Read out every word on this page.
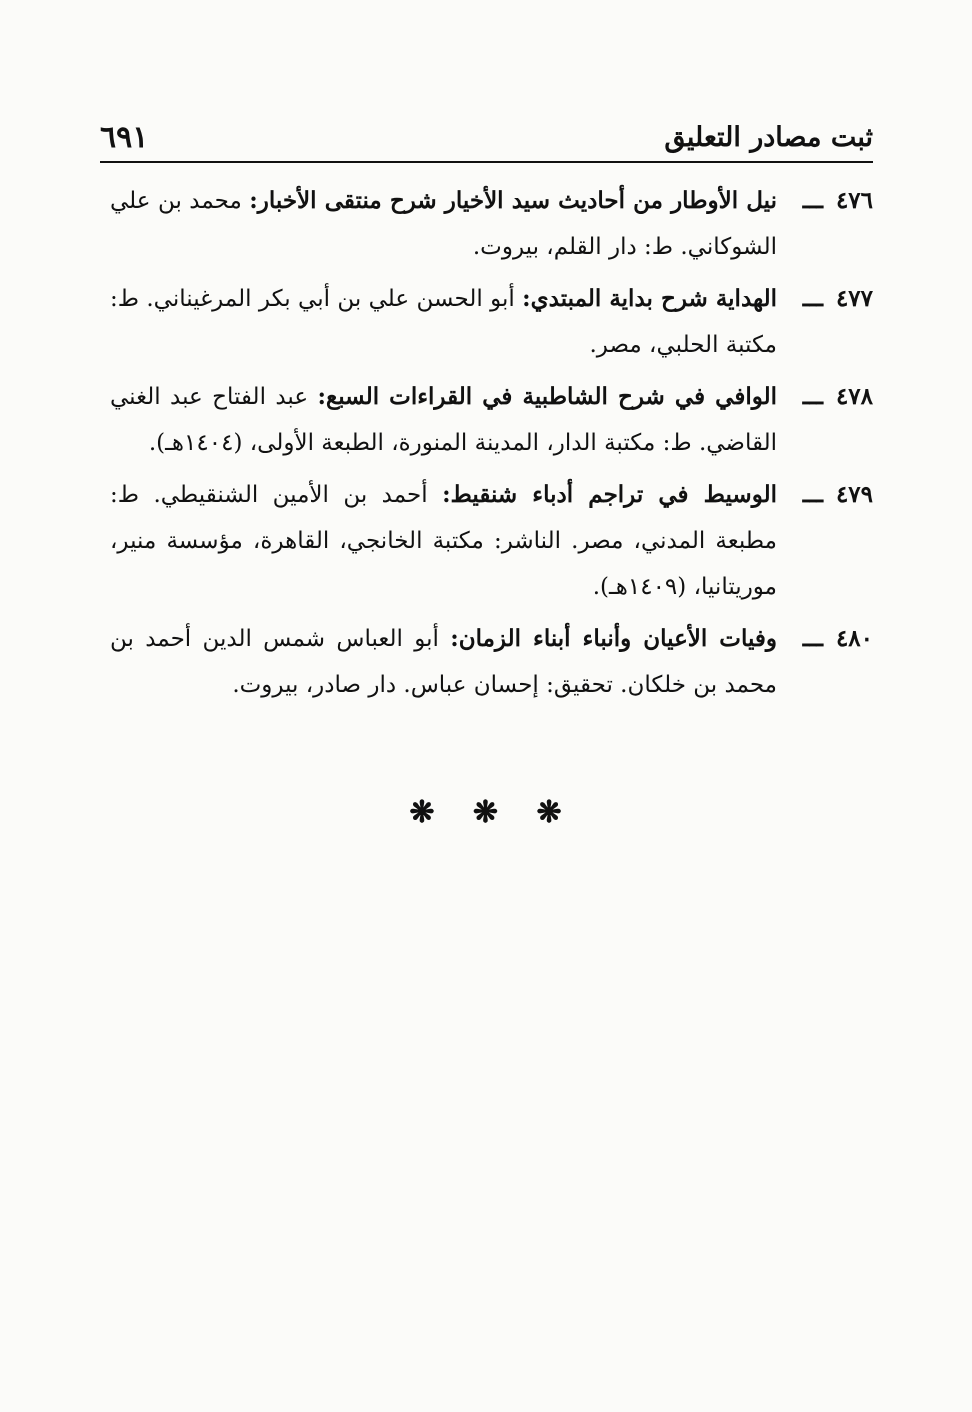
ثبت مصادر التعليق
٦٩١
٤٧٦
ـــ
نيل الأوطار من أحاديث سيد الأخيار شرح منتقى الأخبار: محمد بن علي الشوكاني. ط: دار القلم، بيروت.
٤٧٧
ـــ
الهداية شرح بداية المبتدي: أبو الحسن علي بن أبي بكر المرغيناني. ط: مكتبة الحلبي، مصر.
٤٧٨
ـــ
الوافي في شرح الشاطبية في القراءات السبع: عبد الفتاح عبد الغني القاضي. ط: مكتبة الدار، المدينة المنورة، الطبعة الأولى، (١٤٠٤هـ).
٤٧٩
ـــ
الوسيط في تراجم أدباء شنقيط: أحمد بن الأمين الشنقيطي. ط: مطبعة المدني، مصر. الناشر: مكتبة الخانجي، القاهرة، مؤسسة منير، موريتانيا، (١٤٠٩هـ).
٤٨٠
ـــ
وفيات الأعيان وأنباء أبناء الزمان: أبو العباس شمس الدين أحمد بن محمد بن خلكان. تحقيق: إحسان عباس. دار صادر، بيروت.
❋ ❋ ❋
